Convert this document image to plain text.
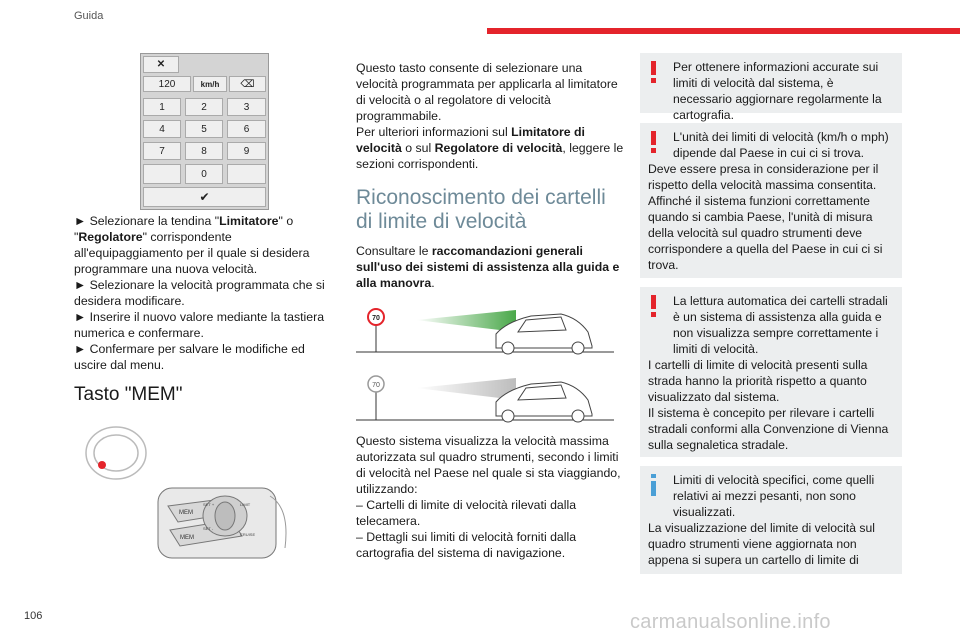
Guida
✕
120	km/h	⌫
1	2	3
4	5	6
7	8	9
0
✔

► Selezionare la tendina "Limitatore" o "Regolatore" corrispondente all'equipaggiamento per il quale si desidera programmare una nuova velocità.

► Selezionare la velocità programmata che si desidera modificare.

► Inserire il nuovo valore mediante la tastiera numerica e confermare.

► Confermare per salvare le modifiche ed uscire dal menu.

Tasto "MEM"
MEM
MEM
SET +
SET -
LIMIT
CRUISE

Questo tasto consente di selezionare una velocità programmata per applicarla al limitatore di velocità o al regolatore di velocità programmabile.

Per ulteriori informazioni sul Limitatore di velocità o sul Regolatore di velocità, leggere le sezioni corrispondenti.

Riconoscimento dei cartelli di limite di velocità

Consultare le raccomandazioni generali sull'uso dei sistemi di assistenza alla guida e alla manovra.

70
70

Questo sistema visualizza la velocità massima autorizzata sul quadro strumenti, secondo i limiti di velocità nel Paese nel quale si sta viaggiando, utilizzando:

– Cartelli di limite di velocità rilevati dalla telecamera.

– Dettagli sui limiti di velocità forniti dalla cartografia del sistema di navigazione.

Per ottenere informazioni accurate sui limiti di velocità dal sistema, è necessario aggiornare regolarmente la cartografia.

L'unità dei limiti di velocità (km/h o mph) dipende dal Paese in cui ci si trova.

Deve essere presa in considerazione per il rispetto della velocità massima consentita.

Affinché il sistema funzioni correttamente quando si cambia Paese, l'unità di misura della velocità sul quadro strumenti deve corrispondere a quella del Paese in cui ci si trova.

La lettura automatica dei cartelli stradali è un sistema di assistenza alla guida e non visualizza sempre correttamente i limiti di velocità.

I cartelli di limite di velocità presenti sulla strada hanno la priorità rispetto a quanto visualizzato dal sistema.

Il sistema è concepito per rilevare i cartelli stradali conformi alla Convenzione di Vienna sulla segnaletica stradale.

Limiti di velocità specifici, come quelli relativi ai mezzi pesanti, non sono visualizzati.

La visualizzazione del limite di velocità sul quadro strumenti viene aggiornata non appena si supera un cartello di limite di

106	carmanualsonline.info
